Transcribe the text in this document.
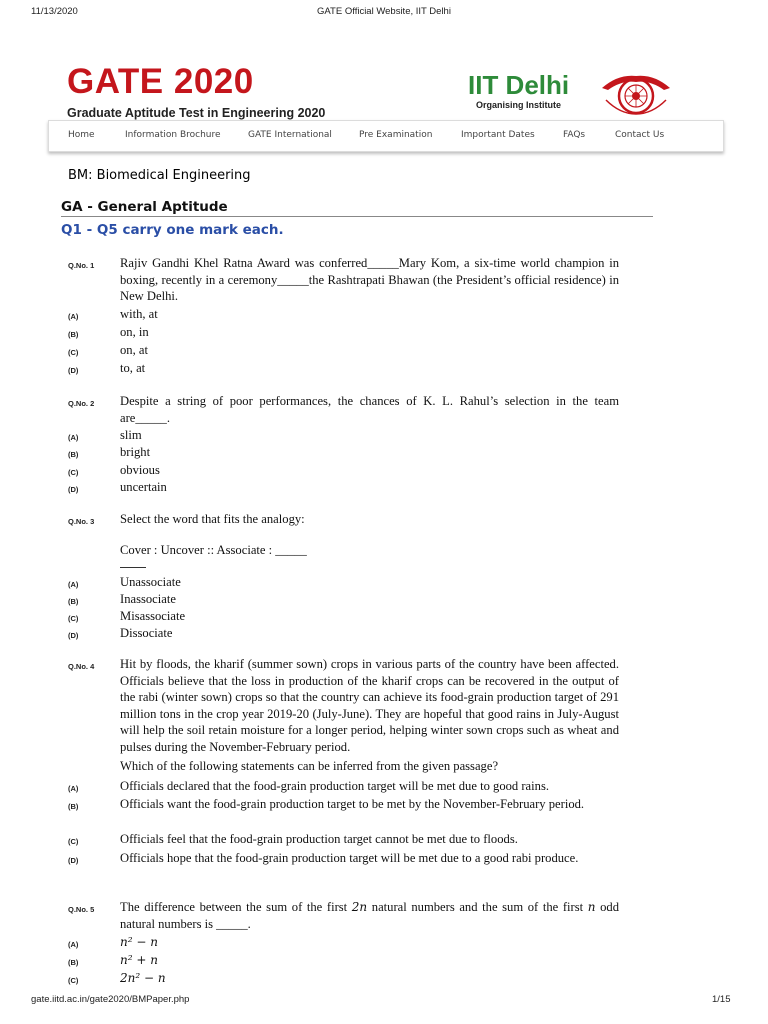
11/13/2020	GATE Official Website, IIT Delhi
GATE 2020
Graduate Aptitude Test in Engineering 2020
IIT Delhi
Organising Institute
Home	Information Brochure	GATE International	Pre Examination	Important Dates	FAQs	Contact Us
BM: Biomedical Engineering
GA - General Aptitude
Q1 - Q5 carry one mark each.
Q.No. 1 Rajiv Gandhi Khel Ratna Award was conferred_____Mary Kom, a six-time world champion in boxing, recently in a ceremony_____the Rashtrapati Bhawan (the President’s official residence) in New Delhi.
(A)	with, at
(B)	on, in
(C)	on, at
(D)	to, at
Q.No. 2 Despite a string of poor performances, the chances of K. L. Rahul’s selection in the team are_____.
(A)	slim
(B)	bright
(C)	obvious
(D)	uncertain
Q.No. 3 Select the word that fits the analogy:
Cover : Uncover :: Associate : _____
(A)	Unassociate
(B)	Inassociate
(C)	Misassociate
(D)	Dissociate
Q.No. 4 Hit by floods, the kharif (summer sown) crops in various parts of the country have been affected. Officials believe that the loss in production of the kharif crops can be recovered in the output of the rabi (winter sown) crops so that the country can achieve its food-grain production target of 291 million tons in the crop year 2019-20 (July-June). They are hopeful that good rains in July-August will help the soil retain moisture for a longer period, helping winter sown crops such as wheat and pulses during the November-February period.
Which of the following statements can be inferred from the given passage?
(A)	Officials declared that the food-grain production target will be met due to good rains.
(B)	Officials want the food-grain production target to be met by the November-February period.
(C)	Officials feel that the food-grain production target cannot be met due to floods.
(D)	Officials hope that the food-grain production target will be met due to a good rabi produce.
Q.No. 5 The difference between the sum of the first 2n natural numbers and the sum of the first n odd natural numbers is _____.
(A)	n² − n
(B)	n² + n
(C)	2n² − n
gate.iitd.ac.in/gate2020/BMPaper.php	1/15
